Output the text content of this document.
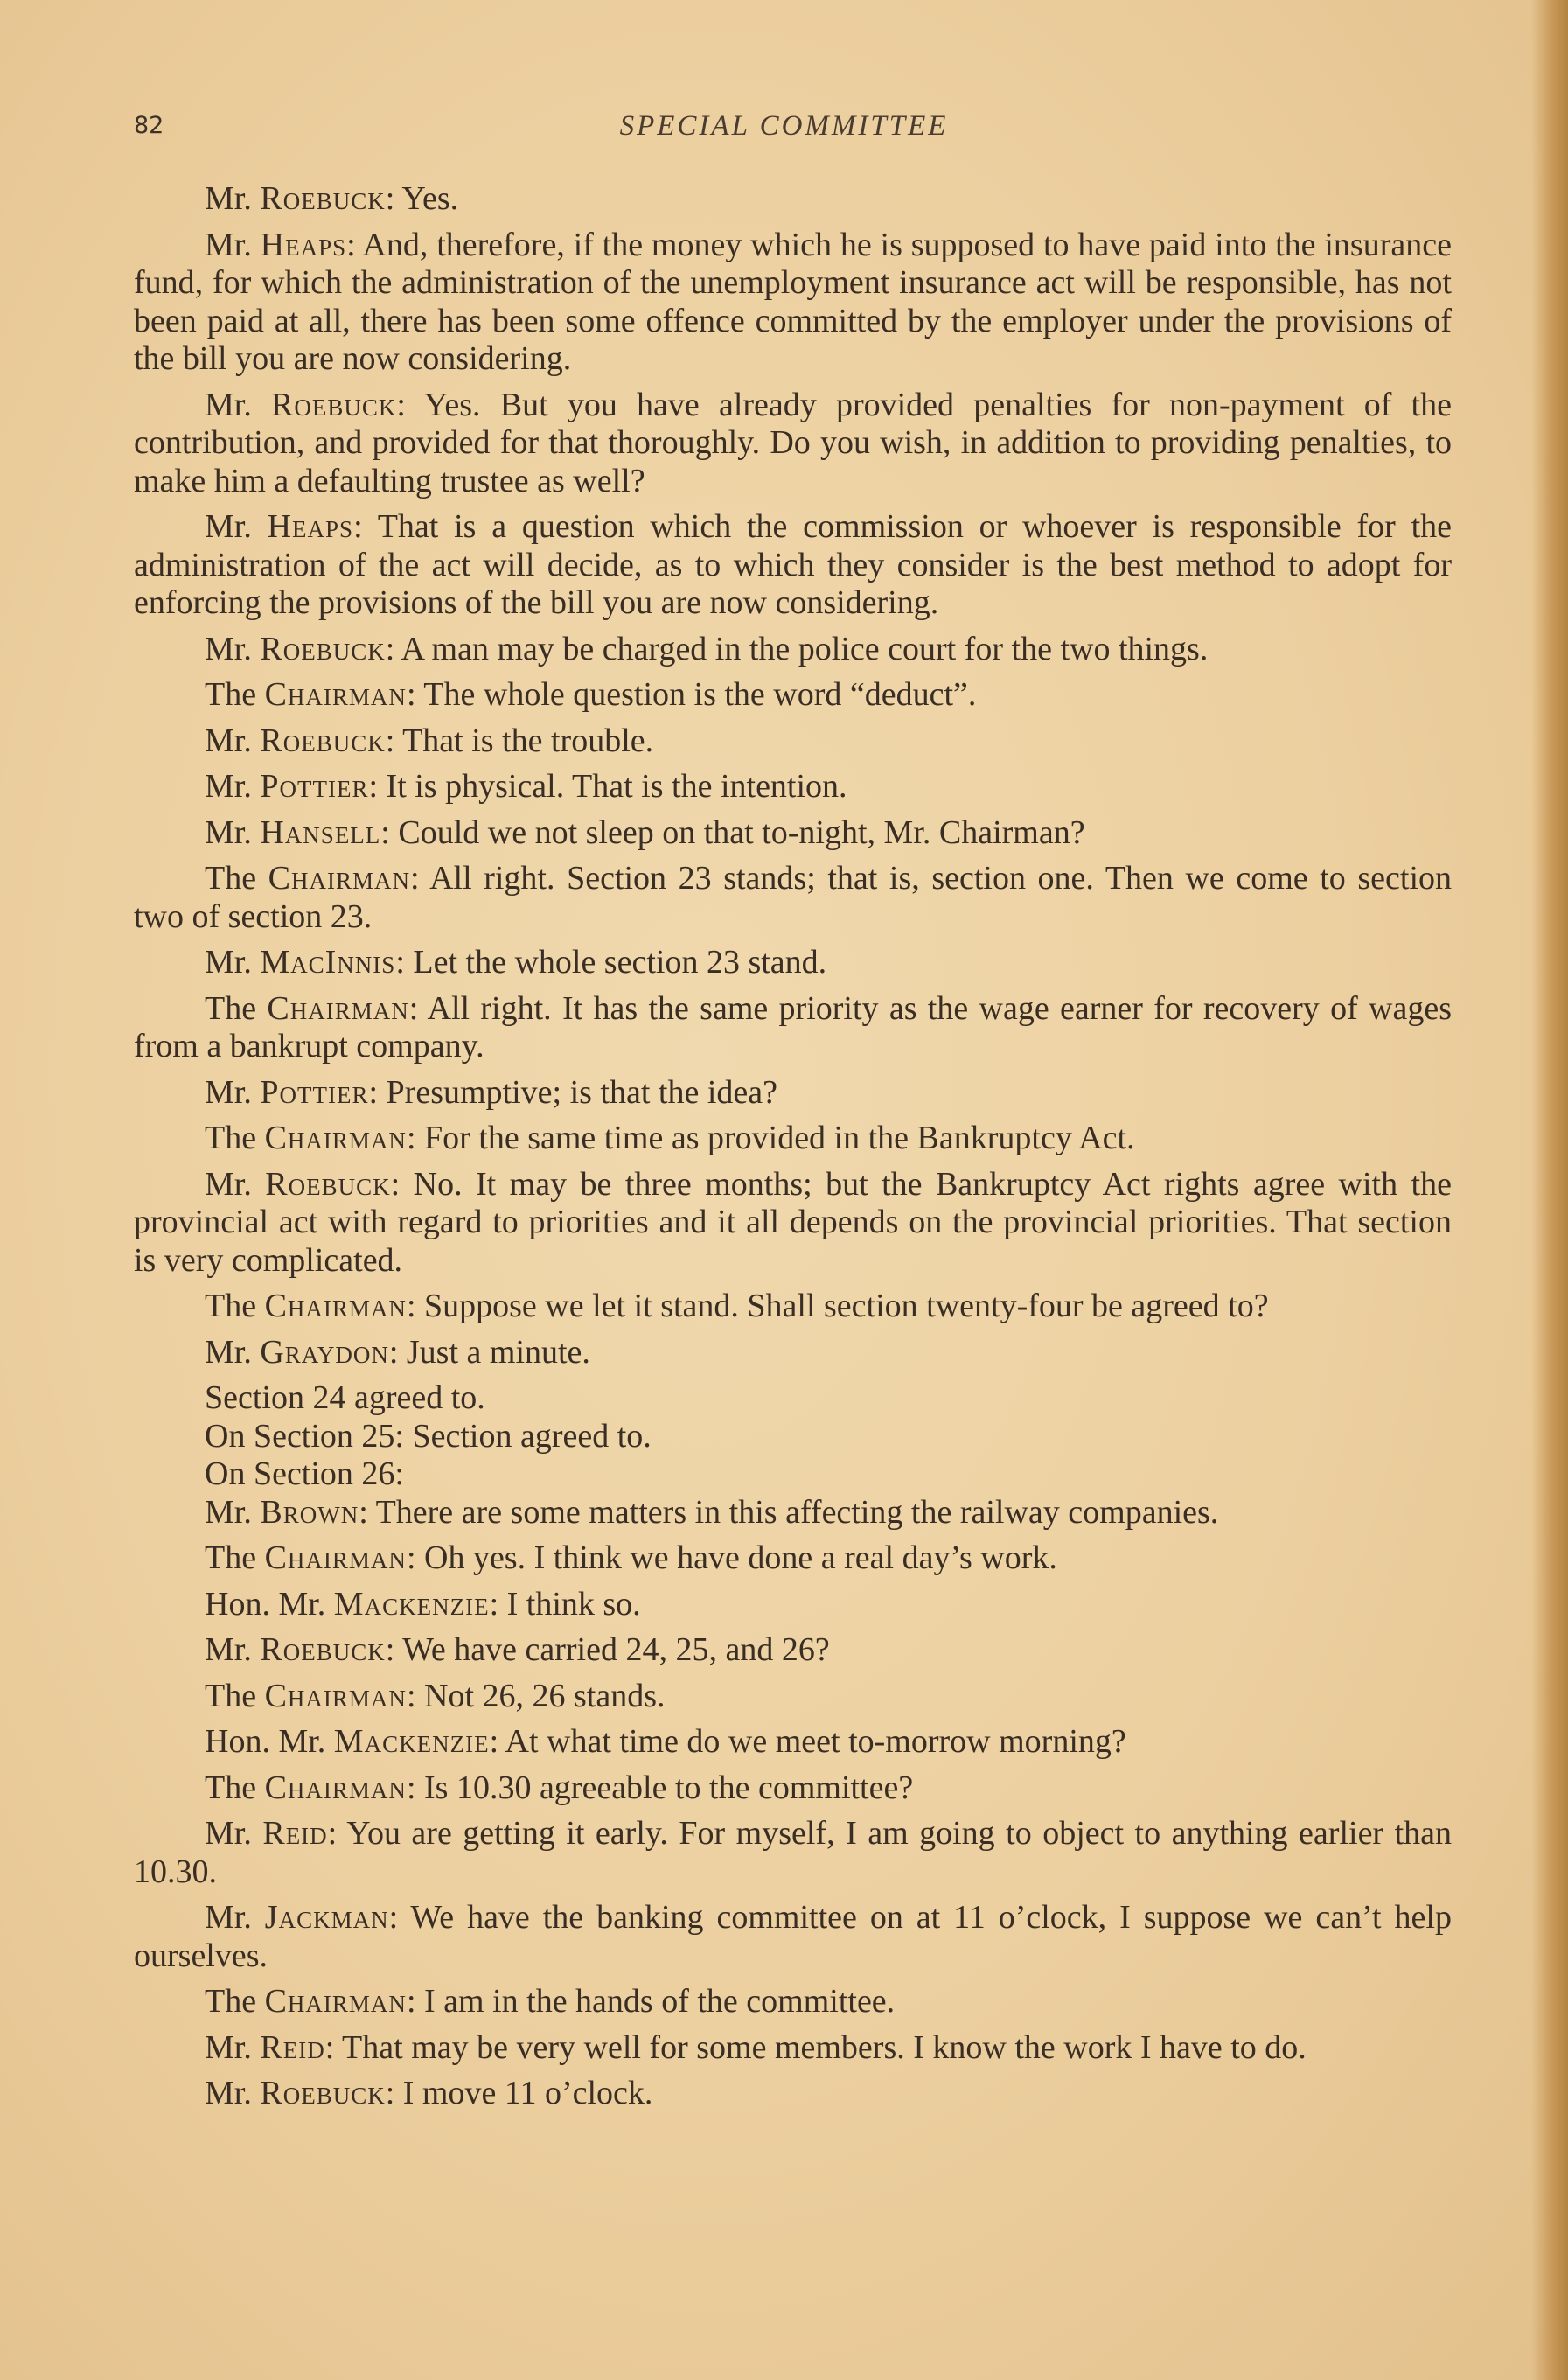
82	SPECIAL COMMITTEE

Mr. Roebuck: Yes.

Mr. Heaps: And, therefore, if the money which he is supposed to have paid into the insurance fund, for which the administration of the unemployment insurance act will be responsible, has not been paid at all, there has been some offence committed by the employer under the provisions of the bill you are now considering.

Mr. Roebuck: Yes. But you have already provided penalties for non-payment of the contribution, and provided for that thoroughly. Do you wish, in addition to providing penalties, to make him a defaulting trustee as well?

Mr. Heaps: That is a question which the commission or whoever is responsible for the administration of the act will decide, as to which they consider is the best method to adopt for enforcing the provisions of the bill you are now considering.

Mr. Roebuck: A man may be charged in the police court for the two things.

The Chairman: The whole question is the word “deduct”.

Mr. Roebuck: That is the trouble.

Mr. Pottier: It is physical. That is the intention.

Mr. Hansell: Could we not sleep on that to-night, Mr. Chairman?

The Chairman: All right. Section 23 stands; that is, section one. Then we come to section two of section 23.

Mr. MacInnis: Let the whole section 23 stand.

The Chairman: All right. It has the same priority as the wage earner for recovery of wages from a bankrupt company.

Mr. Pottier: Presumptive; is that the idea?

The Chairman: For the same time as provided in the Bankruptcy Act.

Mr. Roebuck: No. It may be three months; but the Bankruptcy Act rights agree with the provincial act with regard to priorities and it all depends on the provincial priorities. That section is very complicated.

The Chairman: Suppose we let it stand. Shall section twenty-four be agreed to?

Mr. Graydon: Just a minute.

Section 24 agreed to.

On Section 25: Section agreed to.

On Section 26:

Mr. Brown: There are some matters in this affecting the railway companies.

The Chairman: Oh yes. I think we have done a real day’s work.

Hon. Mr. Mackenzie: I think so.

Mr. Roebuck: We have carried 24, 25, and 26?

The Chairman: Not 26, 26 stands.

Hon. Mr. Mackenzie: At what time do we meet to-morrow morning?

The Chairman: Is 10.30 agreeable to the committee?

Mr. Reid: You are getting it early. For myself, I am going to object to anything earlier than 10.30.

Mr. Jackman: We have the banking committee on at 11 o’clock, I suppose we can’t help ourselves.

The Chairman: I am in the hands of the committee.

Mr. Reid: That may be very well for some members. I know the work I have to do.

Mr. Roebuck: I move 11 o’clock.
